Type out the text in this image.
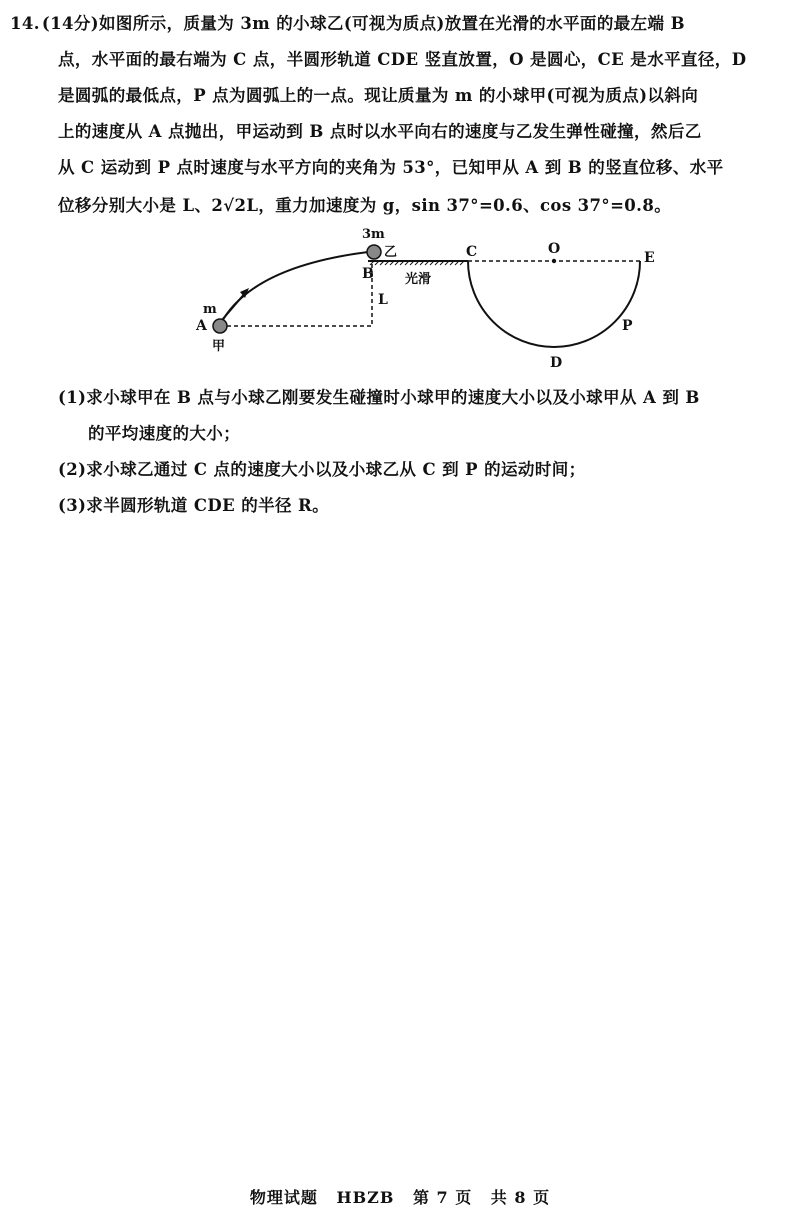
14. (14分)如图所示，质量为 3m 的小球乙(可视为质点)放置在光滑的水平面的最左端 B
点，水平面的最右端为 C 点，半圆形轨道 CDE 竖直放置，O 是圆心，CE 是水平直径，D
是圆弧的最低点，P 点为圆弧上的一点。现让质量为 m 的小球甲(可视为质点)以斜向
上的速度从 A 点抛出，甲运动到 B 点时以水平向右的速度与乙发生弹性碰撞，然后乙
从 C 运动到 P 点时速度与水平方向的夹角为 53°，已知甲从 A 到 B 的竖直位移、水平
位移分别大小是 L、2√2L，重力加速度为 g，sin 37°=0.6、cos 37°=0.8。
3m
乙
B
C	O
E
光滑
L
m
A
甲
P
D
(1)求小球甲在 B 点与小球乙刚要发生碰撞时小球甲的速度大小以及小球甲从 A 到 B
的平均速度的大小；
(2)求小球乙通过 C 点的速度大小以及小球乙从 C 到 P 的运动时间；
(3)求半圆形轨道 CDE 的半径 R。
物理试题 HBZB 第 7 页 共 8 页
